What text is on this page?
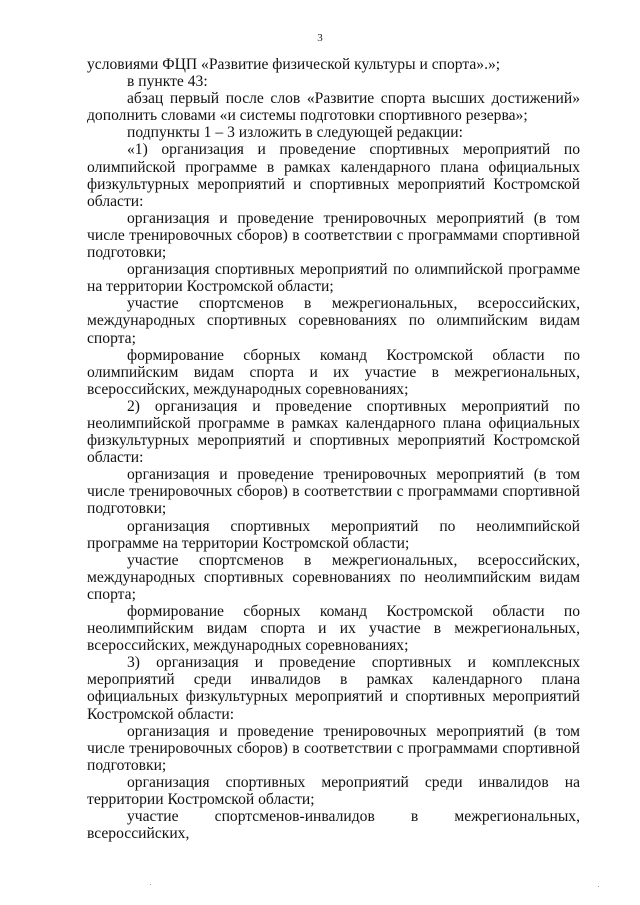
3

условиями ФЦП «Развитие физической культуры и спорта».»;

в пункте 43:

абзац первый после слов «Развитие спорта высших достижений» дополнить словами «и системы подготовки спортивного резерва»;

подпункты 1 – 3 изложить в следующей редакции:

«1) организация и проведение спортивных мероприятий по олимпийской программе в рамках календарного плана официальных физкультурных мероприятий и спортивных мероприятий Костромской области:

организация и проведение тренировочных мероприятий (в том числе тренировочных сборов) в соответствии с программами спортивной подготовки;

организация спортивных мероприятий по олимпийской программе на территории Костромской области;

участие спортсменов в межрегиональных, всероссийских, международных спортивных соревнованиях по олимпийским видам спорта;

формирование сборных команд Костромской области по олимпийским видам спорта и их участие в межрегиональных, всероссийских, международных соревнованиях;

2) организация и проведение спортивных мероприятий по неолимпийской программе в рамках календарного плана официальных физкультурных мероприятий и спортивных мероприятий Костромской области:

организация и проведение тренировочных мероприятий (в том числе тренировочных сборов) в соответствии с программами спортивной подготовки;

организация спортивных мероприятий по неолимпийской программе на территории Костромской области;

участие спортсменов в межрегиональных, всероссийских, международных спортивных соревнованиях по неолимпийским видам спорта;

формирование сборных команд Костромской области по неолимпийским видам спорта и их участие в межрегиональных, всероссийских, международных соревнованиях;

3) организация и проведение спортивных и комплексных мероприятий среди инвалидов в рамках календарного плана официальных физкультурных мероприятий и спортивных мероприятий Костромской области:

организация и проведение тренировочных мероприятий (в том числе тренировочных сборов) в соответствии с программами спортивной подготовки;

организация спортивных мероприятий среди инвалидов на территории Костромской области;

участие спортсменов-инвалидов в межрегиональных, всероссийских,
